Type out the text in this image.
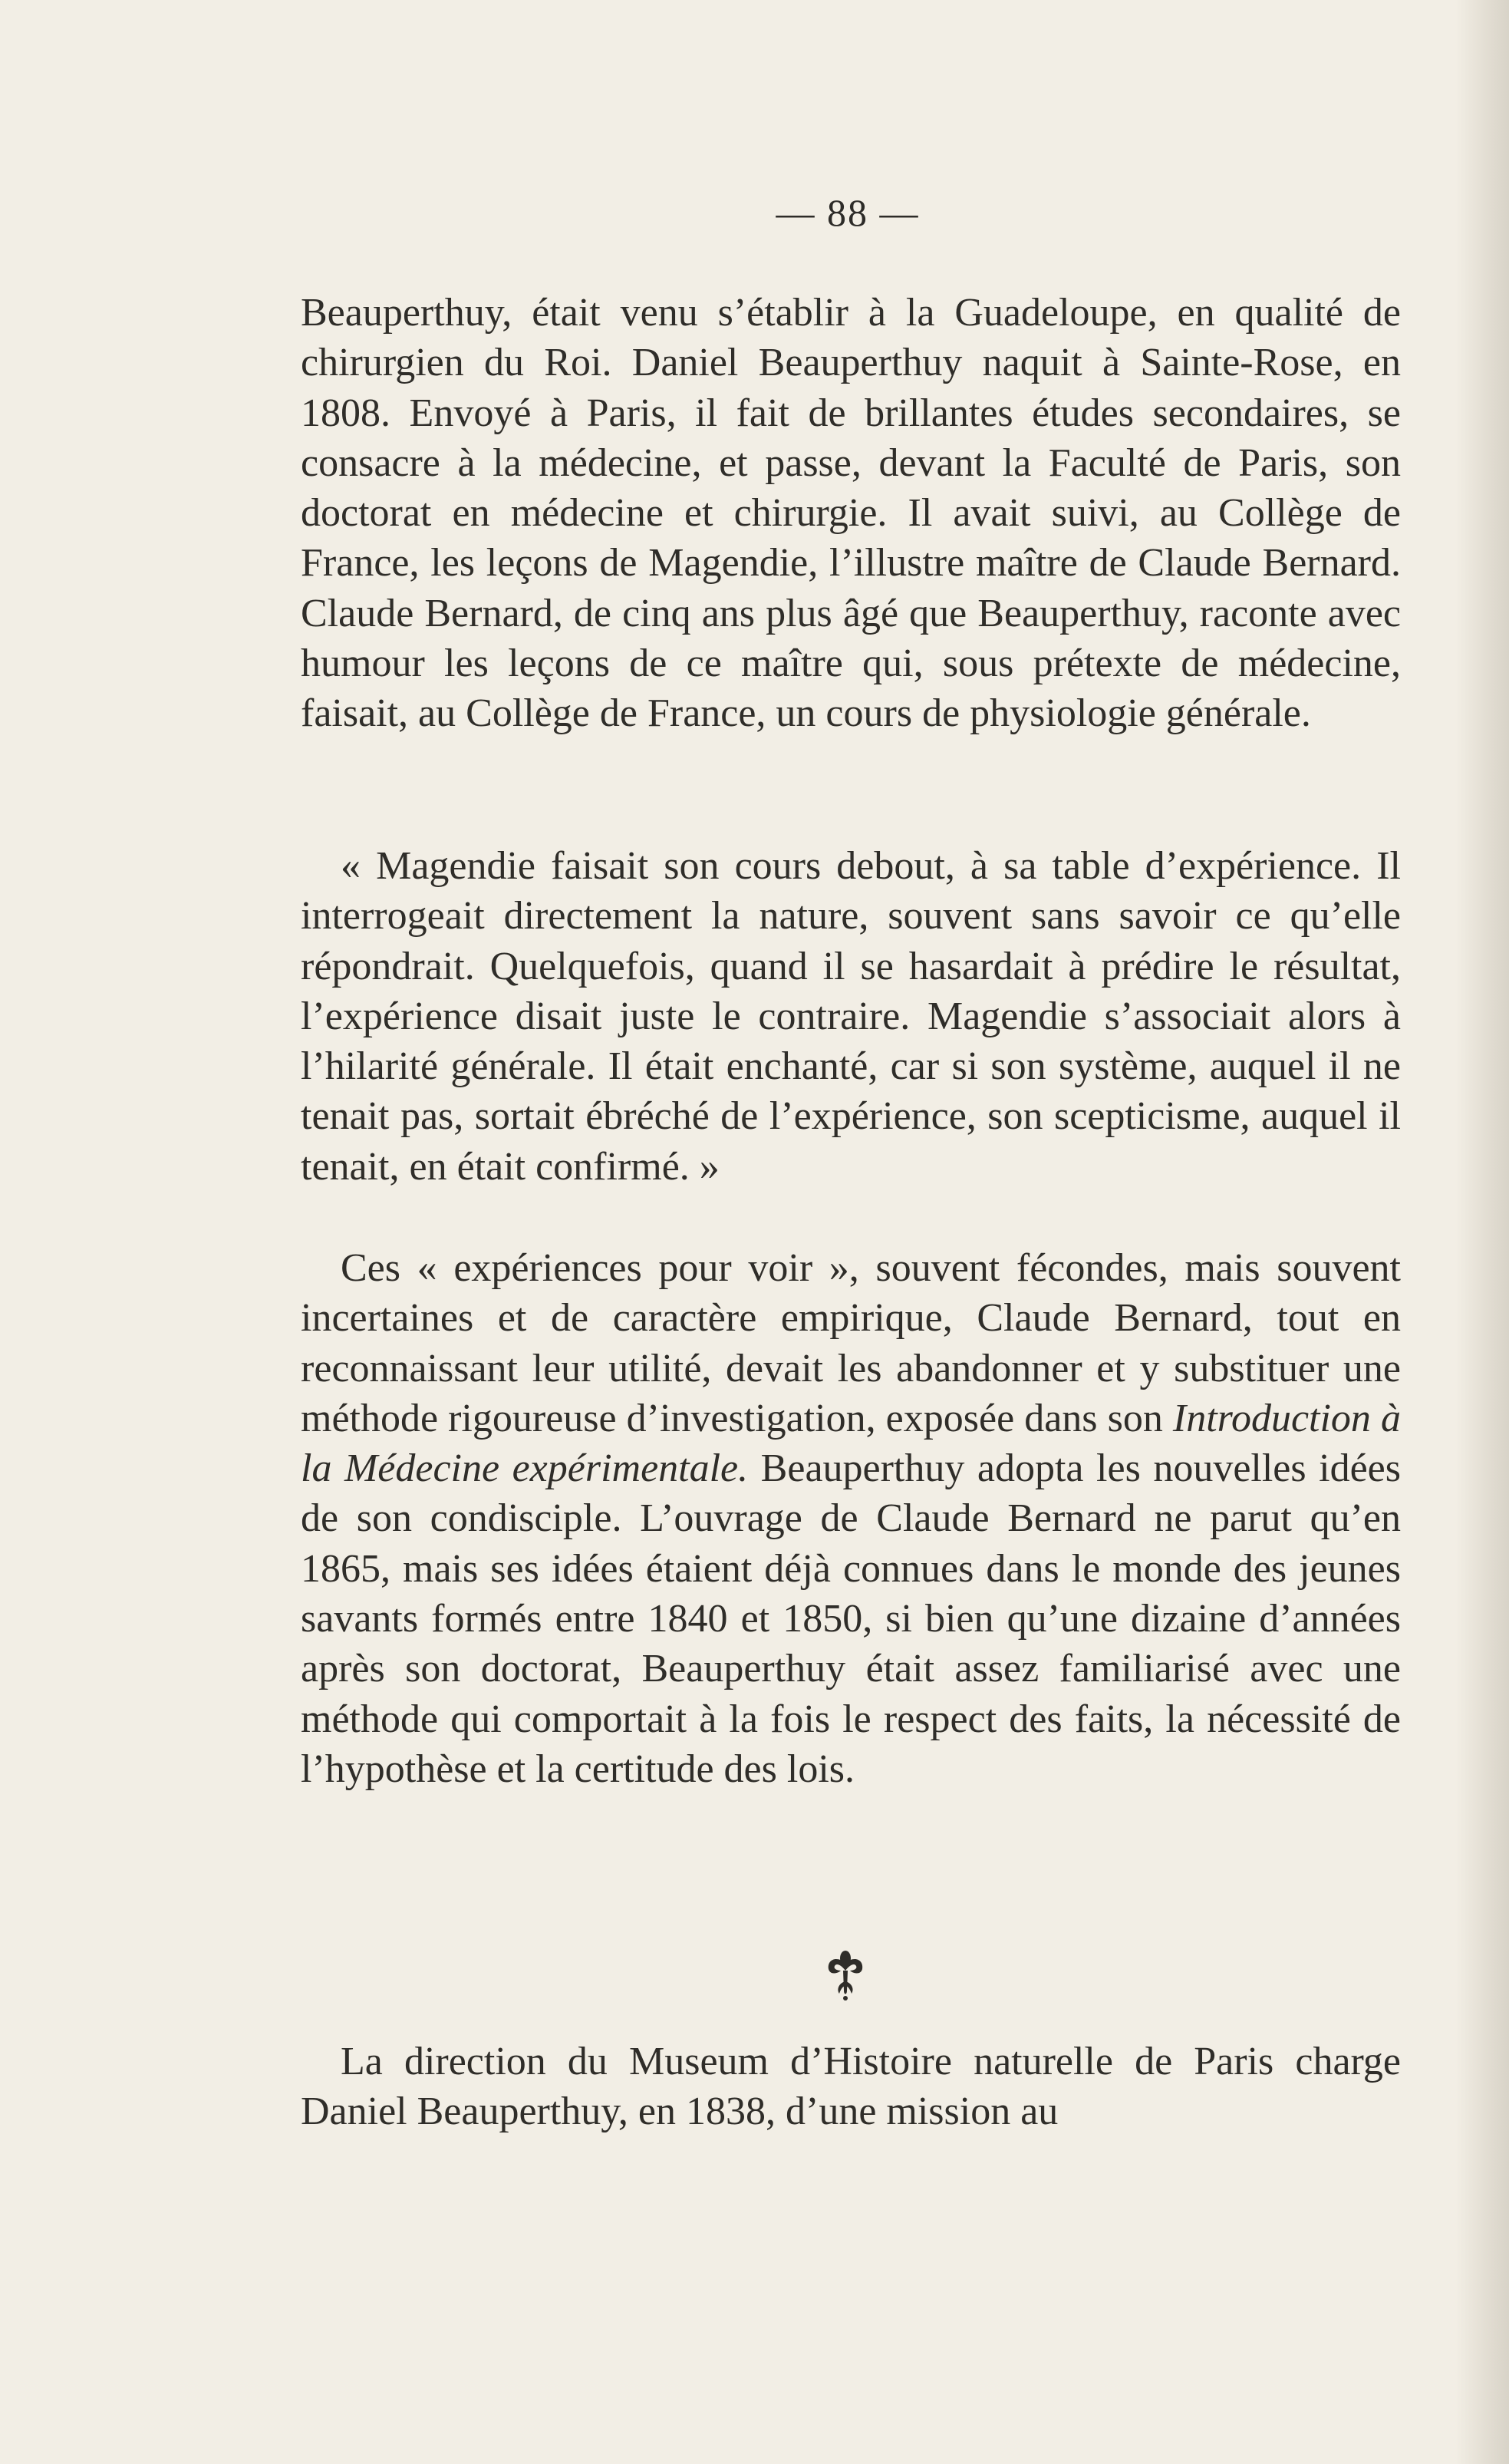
— 88 —

Beauperthuy, était venu s’établir à la Guadeloupe, en qualité de chirurgien du Roi. Daniel Beauperthuy naquit à Sainte-Rose, en 1808. Envoyé à Paris, il fait de brillantes études secondaires, se consacre à la médecine, et passe, devant la Faculté de Paris, son doctorat en médecine et chirurgie. Il avait suivi, au Collège de France, les leçons de Magendie, l’illustre maître de Claude Bernard. Claude Bernard, de cinq ans plus âgé que Beauperthuy, raconte avec humour les leçons de ce maître qui, sous prétexte de médecine, faisait, au Collège de France, un cours de physiologie générale.

« Magendie faisait son cours debout, à sa table d’expérience. Il interrogeait directement la nature, souvent sans savoir ce qu’elle répondrait. Quelquefois, quand il se hasardait à prédire le résultat, l’expérience disait juste le contraire. Magendie s’associait alors à l’hilarité générale. Il était enchanté, car si son système, auquel il ne tenait pas, sortait ébréché de l’expérience, son scepticisme, auquel il tenait, en était confirmé. »

Ces « expériences pour voir », souvent fécondes, mais souvent incertaines et de caractère empirique, Claude Bernard, tout en reconnaissant leur utilité, devait les abandonner et y substituer une méthode rigoureuse d’investigation, exposée dans son Introduction à la Médecine expérimentale. Beauperthuy adopta les nouvelles idées de son condisciple. L’ouvrage de Claude Bernard ne parut qu’en 1865, mais ses idées étaient déjà connues dans le monde des jeunes savants formés entre 1840 et 1850, si bien qu’une dizaine d’années après son doctorat, Beauperthuy était assez familiarisé avec une méthode qui comportait à la fois le respect des faits, la nécessité de l’hypothèse et la certitude des lois.

La direction du Museum d’Histoire naturelle de Paris charge Daniel Beauperthuy, en 1838, d’une mission au
